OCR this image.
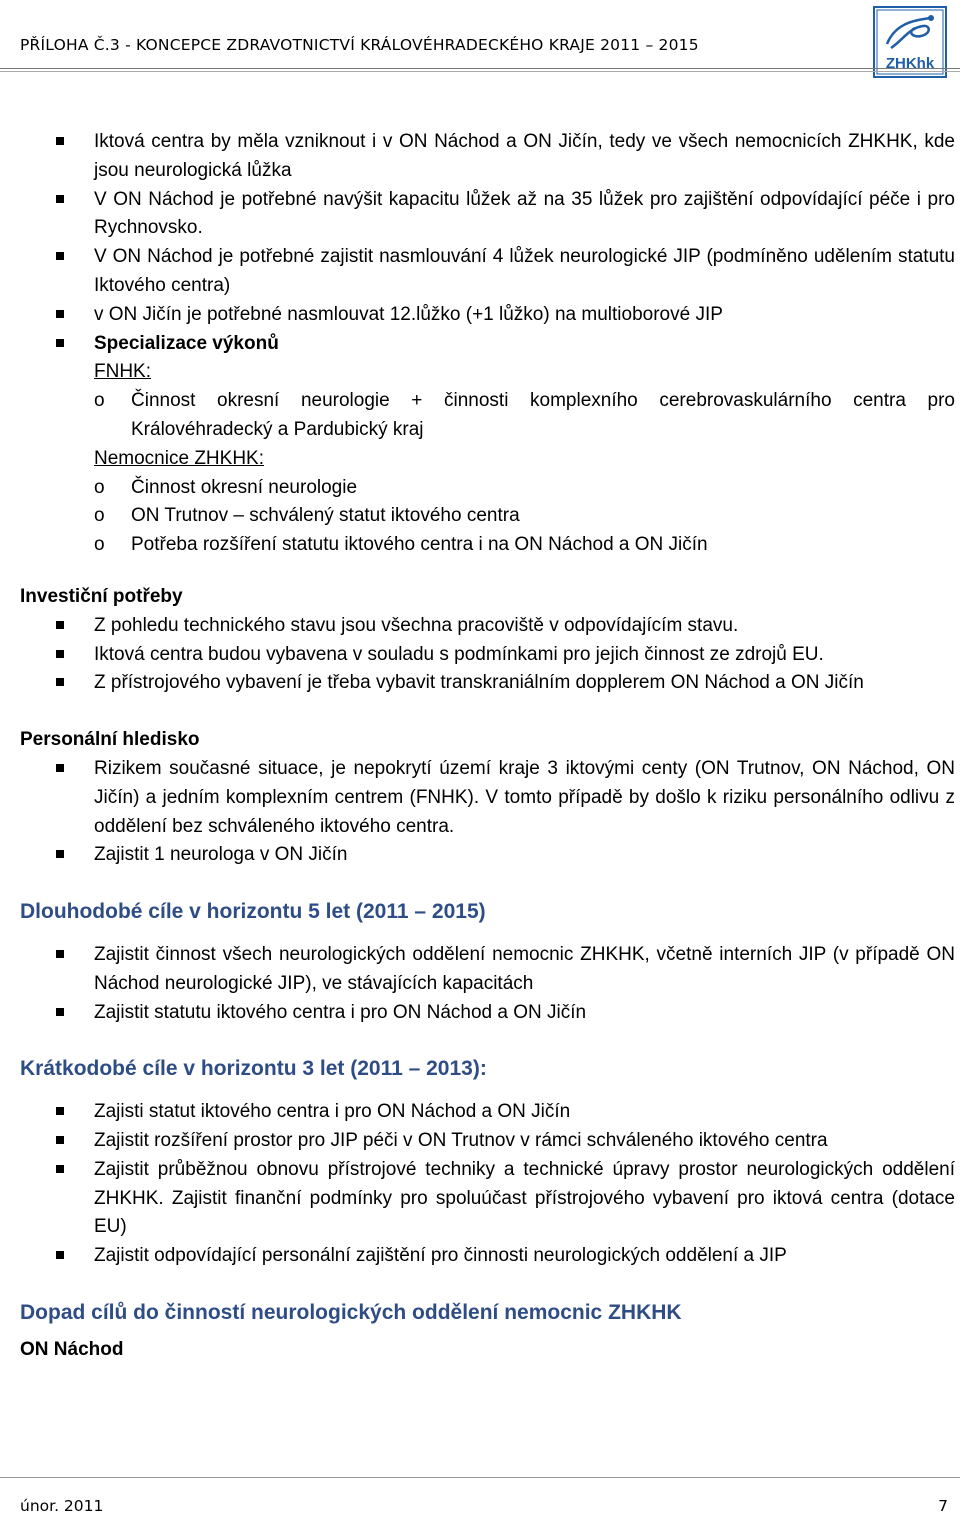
PŘÍLOHA Č.3 - KONCEPCE ZDRAVOTNICTVÍ KRÁLOVÉHRADECKÉHO KRAJE 2011 – 2015
ZHKhk
Iktová centra by měla vzniknout i v ON Náchod a ON Jičín, tedy ve všech nemocnicích ZHKHK, kde jsou neurologická lůžka
V ON Náchod je potřebné navýšit kapacitu lůžek až na 35 lůžek pro zajištění odpovídající péče i pro Rychnovsko.
V ON Náchod je potřebné zajistit nasmlouvání 4 lůžek neurologické JIP (podmíněno udělením statutu Iktového centra)
v ON Jičín je potřebné nasmlouvat 12.lůžko (+1 lůžko) na multioborové JIP
Specializace výkonů
FNHK:
o Činnost okresní neurologie + činnosti komplexního cerebrovaskulárního centra pro Královéhradecký a Pardubický kraj
Nemocnice ZHKHK:
o Činnost okresní neurologie
o ON Trutnov – schválený statut iktového centra
o Potřeba rozšíření statutu iktového centra i na ON Náchod a ON Jičín
Investiční potřeby
Z pohledu technického stavu jsou všechna pracoviště v odpovídajícím stavu.
Iktová centra budou vybavena v souladu s podmínkami pro jejich činnost ze zdrojů EU.
Z přístrojového vybavení je třeba vybavit transkraniálním dopplerem ON Náchod a ON Jičín
Personální hledisko
Rizikem současné situace, je nepokrytí území kraje 3 iktovými centy (ON Trutnov, ON Náchod, ON Jičín) a jedním komplexním centrem (FNHK). V tomto případě by došlo k riziku personálního odlivu z oddělení bez schváleného iktového centra.
Zajistit 1 neurologa v ON Jičín
Dlouhodobé cíle v horizontu 5 let (2011 – 2015)
Zajistit činnost všech neurologických oddělení nemocnic ZHKHK, včetně interních JIP (v případě ON Náchod neurologické JIP), ve stávajících kapacitách
Zajistit statutu iktového centra i pro ON Náchod a ON Jičín
Krátkodobé cíle v horizontu 3 let (2011 – 2013):
Zajisti statut iktového centra i pro ON Náchod a ON Jičín
Zajistit rozšíření prostor pro JIP péči v ON Trutnov v rámci schváleného iktového centra
Zajistit průběžnou obnovu přístrojové techniky a technické úpravy prostor neurologických oddělení ZHKHK. Zajistit finanční podmínky pro spoluúčast přístrojového vybavení pro iktová centra (dotace EU)
Zajistit odpovídající personální zajištění pro činnosti neurologických oddělení a JIP
Dopad cílů do činností neurologických oddělení nemocnic ZHKHK
ON Náchod
únor. 2011	7
